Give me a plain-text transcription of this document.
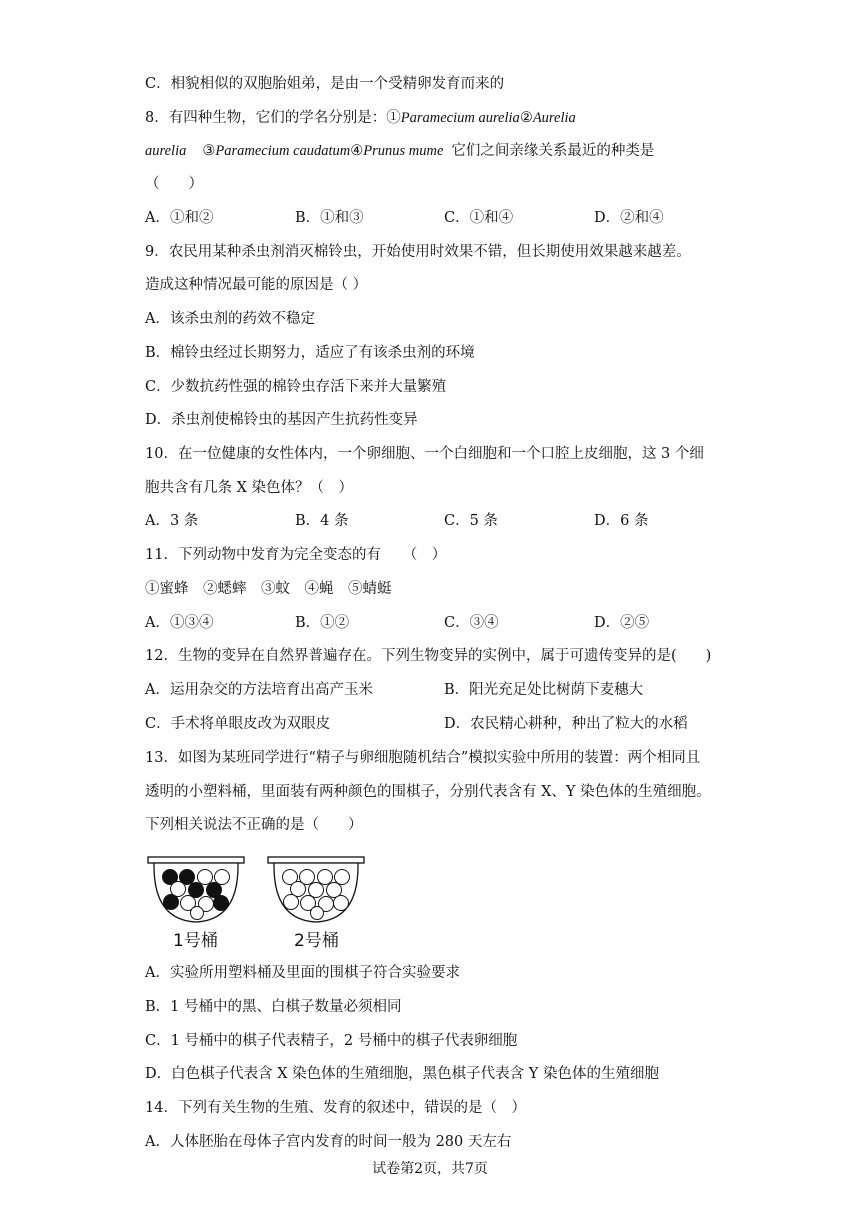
C．相貌相似的双胞胎姐弟，是由一个受精卵发育而来的
8．有四种生物，它们的学名分别是：①Paramecium aurelia②Aurelia
aurelia ③Paramecium caudatum④Prunus mume 它们之间亲缘关系最近的种类是
（　　）
A．①和②	B．①和③	C．①和④	D．②和④
9．农民用某种杀虫剂消灭棉铃虫，开始使用时效果不错，但长期使用效果越来越差。
造成这种情况最可能的原因是（ ）
A．该杀虫剂的药效不稳定
B．棉铃虫经过长期努力，适应了有该杀虫剂的环境
C．少数抗药性强的棉铃虫存活下来并大量繁殖
D．杀虫剂使棉铃虫的基因产生抗药性变异
10．在一位健康的女性体内，一个卵细胞、一个白细胞和一个口腔上皮细胞，这 3 个细
胞共含有几条 X 染色体？（　）
A．3 条	B．4 条	C．5 条	D．6 条
11．下列动物中发育为完全变态的有　　（　）
①蜜蜂　②蟋蟀　③蚊　④蝇　⑤蜻蜓
A．①③④	B．①②	C．③④	D．②⑤
12．生物的变异在自然界普遍存在。下列生物变异的实例中，属于可遗传变异的是(　　)
A．运用杂交的方法培育出高产玉米	B．阳光充足处比树荫下麦穗大
C．手术将单眼皮改为双眼皮	D．农民精心耕种，种出了粒大的水稻
13．如图为某班同学进行“精子与卵细胞随机结合”模拟实验中所用的装置：两个相同且
透明的小塑料桶，里面装有两种颜色的围棋子，分别代表含有 X、Y 染色体的生殖细胞。
下列相关说法不正确的是（　　）
1号桶	2号桶
A．实验所用塑料桶及里面的围棋子符合实验要求
B．1 号桶中的黑、白棋子数量必须相同
C．1 号桶中的棋子代表精子，2 号桶中的棋子代表卵细胞
D．白色棋子代表含 X 染色体的生殖细胞，黑色棋子代表含 Y 染色体的生殖细胞
14．下列有关生物的生殖、发育的叙述中，错误的是（　）
A．人体胚胎在母体子宫内发育的时间一般为 280 天左右
试卷第2页，共7页
